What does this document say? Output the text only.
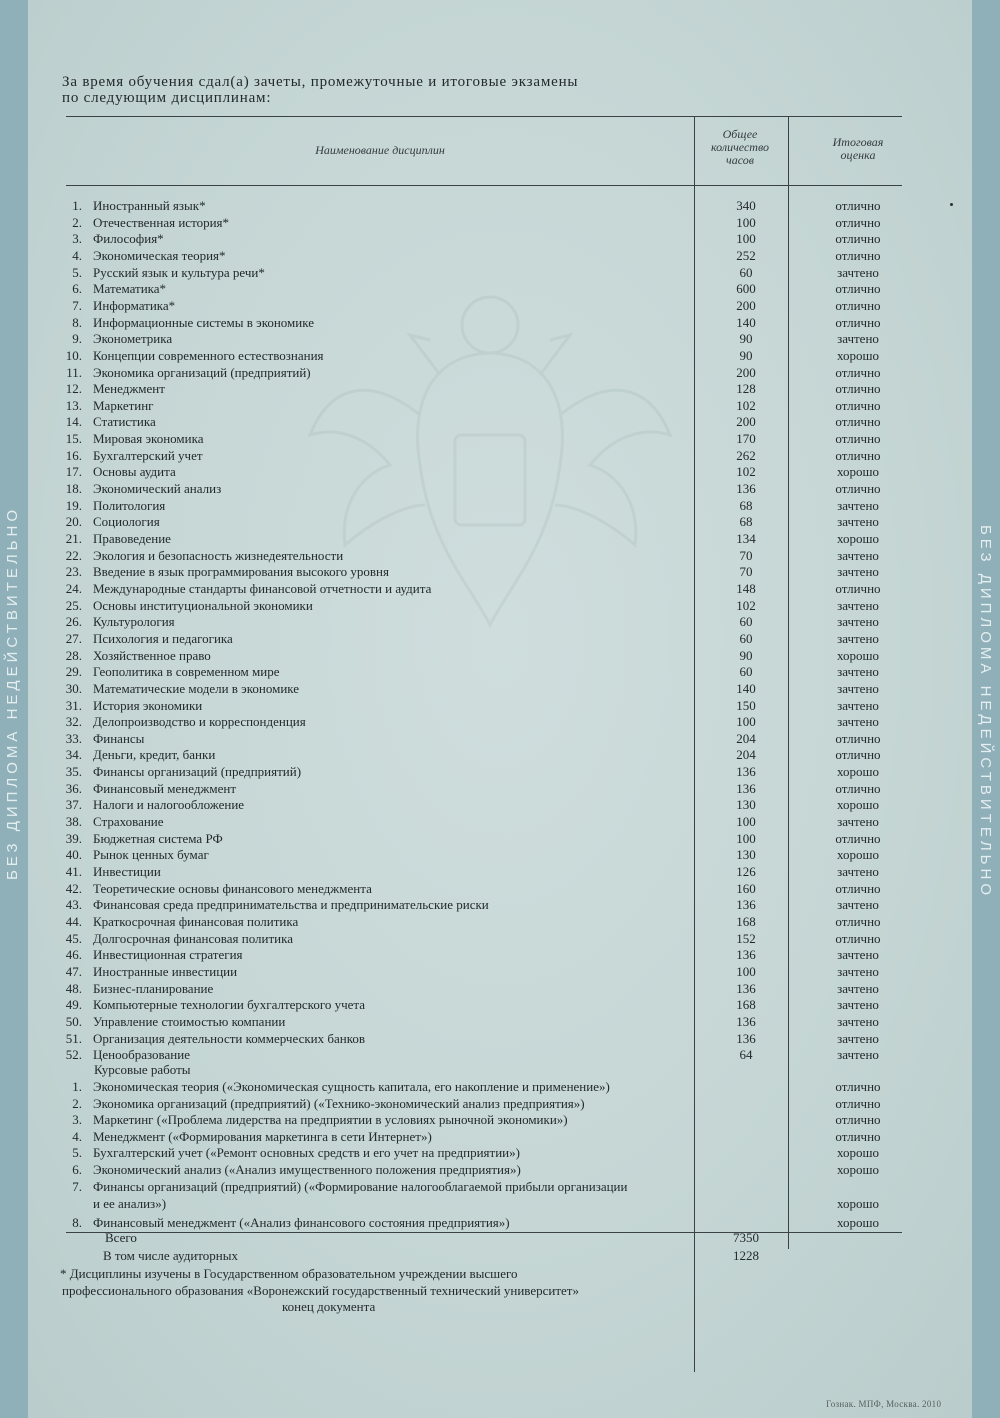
БЕЗ ДИПЛОМА НЕДЕЙСТВИТЕЛЬНО	БЕЗ ДИПЛОМА НЕДЕЙСТВИТЕЛЬНО
За время обучения сдал(а) зачеты, промежуточные и итоговые экзамены
по следующим дисциплинам:
Наименование дисциплин
Общее
количество
часов
Итоговая
оценка
1. Иностранный язык*	340	отлично
2. Отечественная история*	100	отлично
3. Философия*	100	отлично
4. Экономическая теория*	252	отлично
5. Русский язык и культура речи*	60	зачтено
6. Математика*	600	отлично
7. Информатика*	200	отлично
8. Информационные системы в экономике	140	отлично
9. Эконометрика	90	зачтено
10. Концепции современного естествознания	90	хорошо
11. Экономика организаций (предприятий)	200	отлично
12. Менеджмент	128	отлично
13. Маркетинг	102	отлично
14. Статистика	200	отлично
15. Мировая экономика	170	отлично
16. Бухгалтерский учет	262	отлично
17. Основы аудита	102	хорошо
18. Экономический анализ	136	отлично
19. Политология	68	зачтено
20. Социология	68	зачтено
21. Правоведение	134	хорошо
22. Экология и безопасность жизнедеятельности	70	зачтено
23. Введение в язык программирования высокого уровня	70	зачтено
24. Международные стандарты финансовой отчетности и аудита	148	отлично
25. Основы институциональной экономики	102	зачтено
26. Культурология	60	зачтено
27. Психология и педагогика	60	зачтено
28. Хозяйственное право	90	хорошо
29. Геополитика в современном мире	60	зачтено
30. Математические модели в экономике	140	зачтено
31. История экономики	150	зачтено
32. Делопроизводство и корреспонденция	100	зачтено
33. Финансы	204	отлично
34. Деньги, кредит, банки	204	отлично
35. Финансы организаций (предприятий)	136	хорошо
36. Финансовый менеджмент	136	отлично
37. Налоги и налогообложение	130	хорошо
38. Страхование	100	зачтено
39. Бюджетная система РФ	100	отлично
40. Рынок ценных бумаг	130	хорошо
41. Инвестиции	126	зачтено
42. Теоретические основы финансового менеджмента	160	отлично
43. Финансовая среда предпринимательства и предпринимательские риски	136	зачтено
44. Краткосрочная финансовая политика	168	отлично
45. Долгосрочная финансовая политика	152	отлично
46. Инвестиционная стратегия	136	зачтено
47. Иностранные инвестиции	100	зачтено
48. Бизнес-планирование	136	зачтено
49. Компьютерные технологии бухгалтерского учета	168	зачтено
50. Управление стоимостью компании	136	зачтено
51. Организация деятельности коммерческих банков	136	зачтено
52. Ценообразование	64	зачтено
Курсовые работы
1. Экономическая теория («Экономическая сущность капитала, его накопление и применение»)	отлично
2. Экономика организаций (предприятий) («Технико-экономический анализ предприятия»)	отлично
3. Маркетинг («Проблема лидерства на предприятии в условиях рыночной экономики»)	отлично
4. Менеджмент («Формирования маркетинга в сети Интернет»)	отлично
5. Бухгалтерский учет («Ремонт основных средств и его учет на предприятии»)	хорошо
6. Экономический анализ («Анализ имущественного положения предприятия»)	хорошо
7. Финансы организаций (предприятий) («Формирование налогооблагаемой прибыли организации
и ее анализ»)	хорошо
8. Финансовый менеджмент («Анализ финансового состояния предприятия»)	хорошо
Всего	7350
В том числе аудиторных	1228
* Дисциплины изучены в Государственном образовательном учреждении высшего
профессионального образования «Воронежский государственный технический университет»
конец документа
Гознак. МПФ, Москва. 2010
